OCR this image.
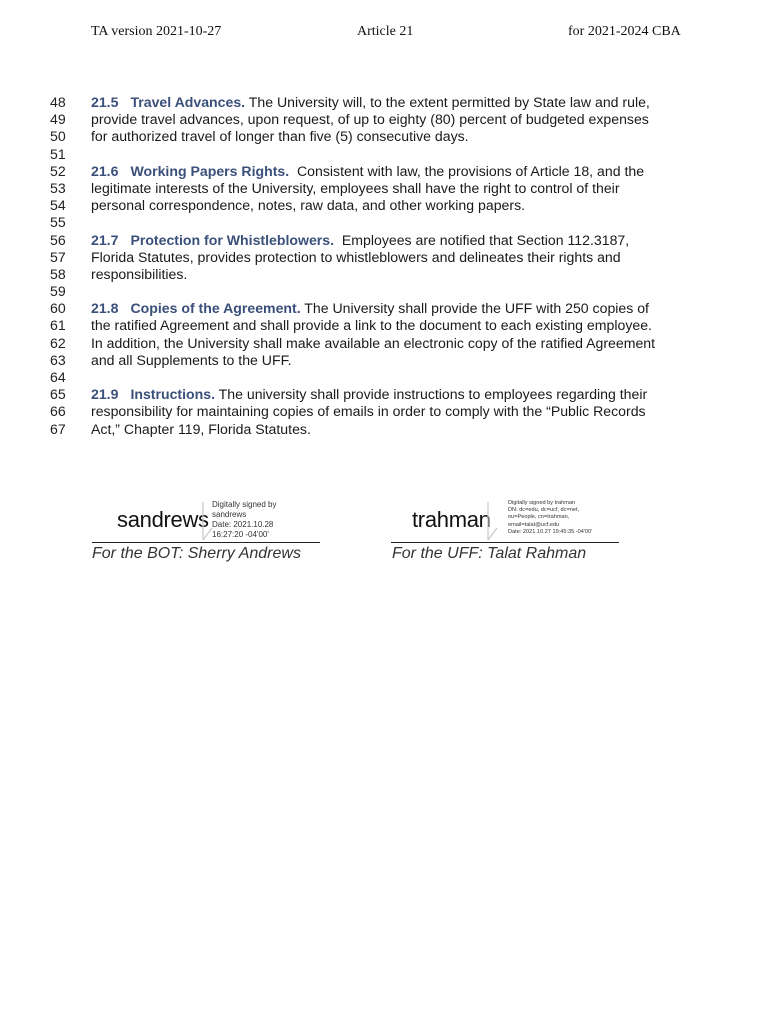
TA version 2021-10-27	Article 21	for 2021-2024 CBA
48	21.5 Travel Advances. The University will, to the extent permitted by State law and rule,
49	provide travel advances, upon request, of up to eighty (80) percent of budgeted expenses
50	for authorized travel of longer than five (5) consecutive days.
51
52	21.6 Working Papers Rights.  Consistent with law, the provisions of Article 18, and the
53	legitimate interests of the University, employees shall have the right to control of their
54	personal correspondence, notes, raw data, and other working papers.
55
56	21.7 Protection for Whistleblowers.  Employees are notified that Section 112.3187,
57	Florida Statutes, provides protection to whistleblowers and delineates their rights and
58	responsibilities.
59
60	21.8 Copies of the Agreement. The University shall provide the UFF with 250 copies of
61	the ratified Agreement and shall provide a link to the document to each existing employee.
62	In addition, the University shall make available an electronic copy of the ratified Agreement
63	and all Supplements to the UFF.
64
65	21.9 Instructions. The university shall provide instructions to employees regarding their
66	responsibility for maintaining copies of emails in order to comply with the “Public Records
67	Act,” Chapter 119, Florida Statutes.
sandrews
Digitally signed by
sandrews
Date: 2021.10.28
16:27:20 -04'00'
For the BOT: Sherry Andrews
trahman
Digitally signed by trahman
DN: dc=edu, dc=ucf, dc=net,
ou=People, cn=trahman,
email=talat@ucf.edu
Date: 2021.10.27 19:45:35 -04'00'
For the UFF: Talat Rahman
